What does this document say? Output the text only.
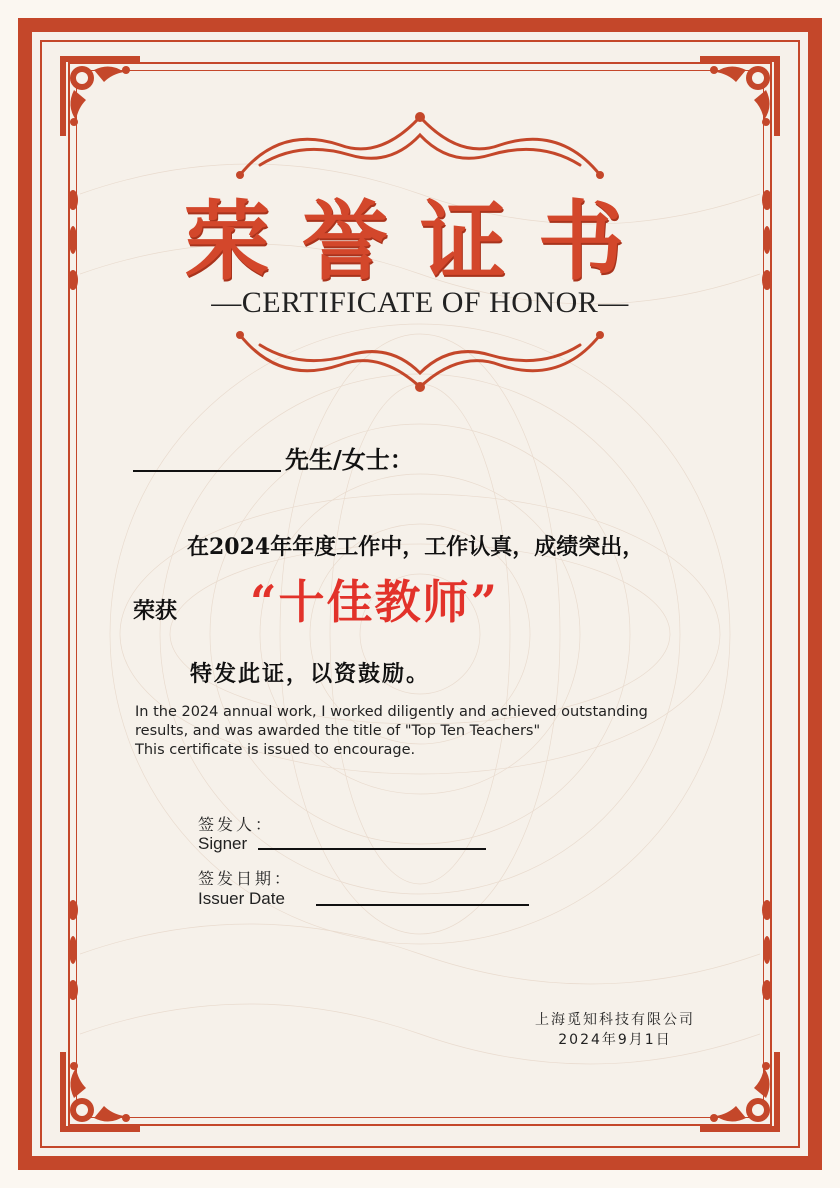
荣誉证书
—CERTIFICATE OF HONOR—
先生/女士：
在2024年年度工作中，工作认真，成绩突出，
荣获 “十佳教师”
特发此证，以资鼓励。
In the 2024 annual work, I worked diligently and achieved outstanding
results, and was awarded the title of "Top Ten Teachers"
This certificate is issued to encourage.
签发人：
Signer
签发日期：
Issuer Date
上海觅知科技有限公司
2024年9月1日
